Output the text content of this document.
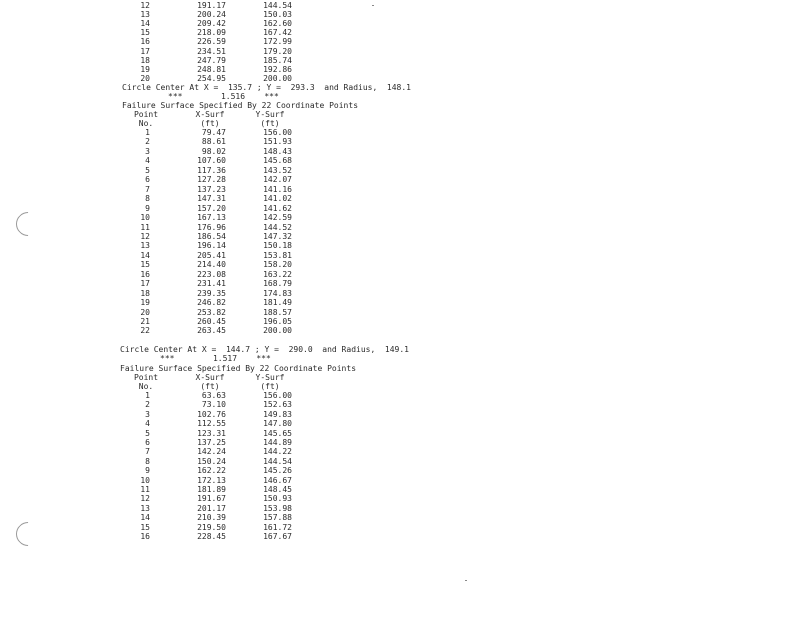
12	191.17	144.54
13	200.24	150.03
14	209.42	162.60
15	218.09	167.42
16	226.59	172.99
17	234.51	179.20
18	247.79	185.74
19	248.81	192.86
20	254.95	200.00
Circle Center At X =  135.7 ; Y =  293.3  and Radius,  148.1
***        1.516    ***
Failure Surface Specified By 22 Coordinate Points
Point	X-Surf	Y-Surf
No.	(ft)	(ft)
1	79.47	156.00
2	88.61	151.93
3	98.02	148.43
4	107.60	145.68
5	117.36	143.52
6	127.28	142.07
7	137.23	141.16
8	147.31	141.02
9	157.20	141.62
10	167.13	142.59
11	176.96	144.52
12	186.54	147.32
13	196.14	150.18
14	205.41	153.81
15	214.40	158.20
16	223.08	163.22
17	231.41	168.79
18	239.35	174.83
19	246.82	181.49
20	253.82	188.57
21	260.45	196.05
22	263.45	200.00
Circle Center At X =  144.7 ; Y =  290.0  and Radius,  149.1
***        1.517    ***
Failure Surface Specified By 22 Coordinate Points
Point	X-Surf	Y-Surf
No.	(ft)	(ft)
1	63.63	156.00
2	73.10	152.63
3	102.76	149.83
4	112.55	147.80
5	123.31	145.65
6	137.25	144.89
7	142.24	144.22
8	150.24	144.54
9	162.22	145.26
10	172.13	146.67
11	181.89	148.45
12	191.67	150.93
13	201.17	153.98
14	210.39	157.88
15	219.50	161.72
16	228.45	167.67
